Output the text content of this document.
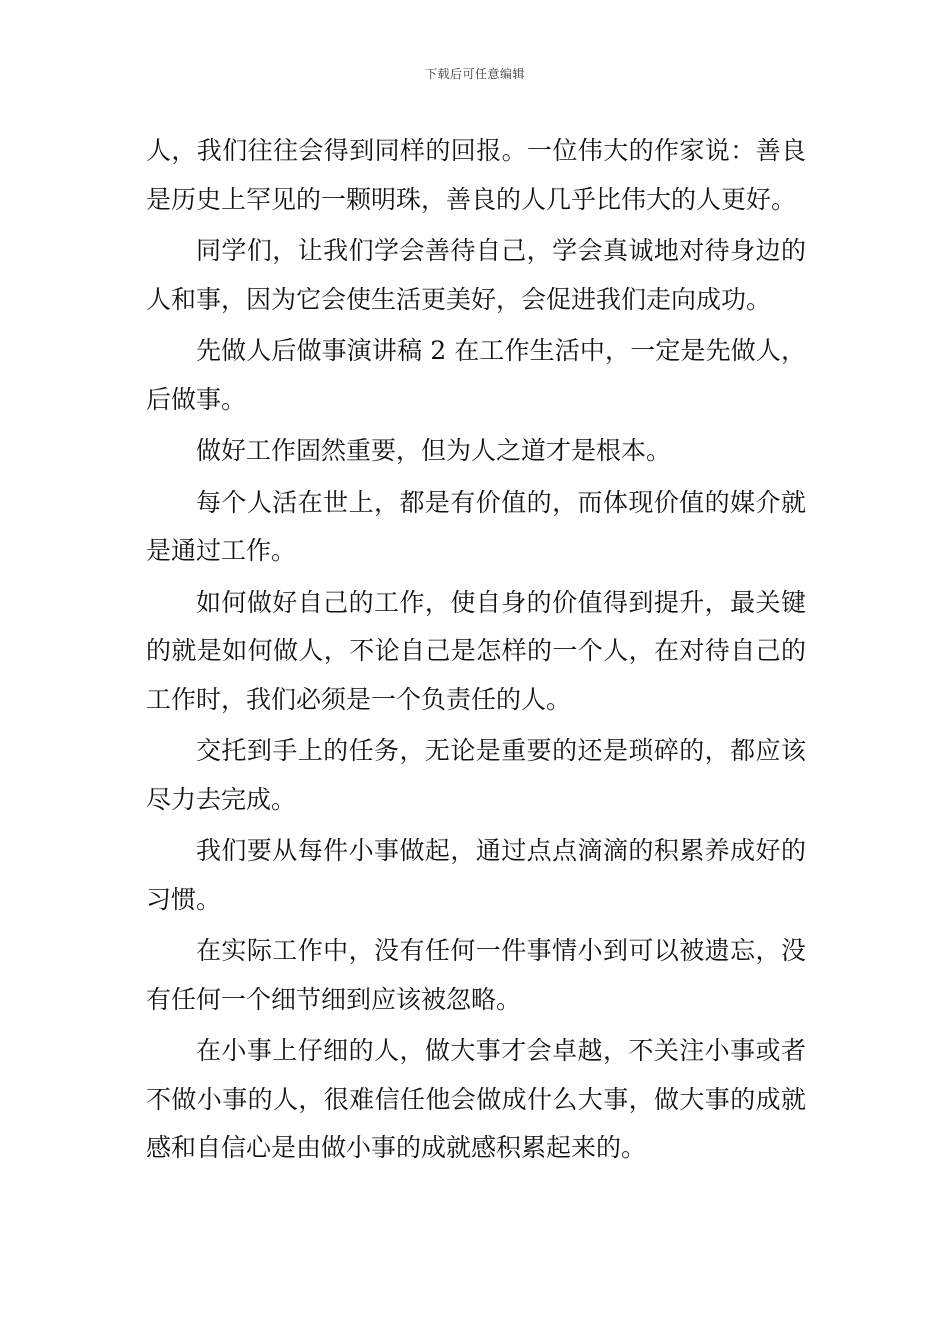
下载后可任意编辑

人，我们往往会得到同样的回报。一位伟大的作家说：善良是历史上罕见的一颗明珠，善良的人几乎比伟大的人更好。

同学们，让我们学会善待自己，学会真诚地对待身边的人和事，因为它会使生活更美好，会促进我们走向成功。

先做人后做事演讲稿 2 在工作生活中，一定是先做人，后做事。

做好工作固然重要，但为人之道才是根本。

每个人活在世上，都是有价值的，而体现价值的媒介就是通过工作。

如何做好自己的工作，使自身的价值得到提升，最关键的就是如何做人，不论自己是怎样的一个人，在对待自己的工作时，我们必须是一个负责任的人。

交托到手上的任务，无论是重要的还是琐碎的，都应该尽力去完成。

我们要从每件小事做起，通过点点滴滴的积累养成好的习惯。

在实际工作中，没有任何一件事情小到可以被遗忘，没有任何一个细节细到应该被忽略。

在小事上仔细的人，做大事才会卓越，不关注小事或者不做小事的人，很难信任他会做成什么大事，做大事的成就感和自信心是由做小事的成就感积累起来的。
